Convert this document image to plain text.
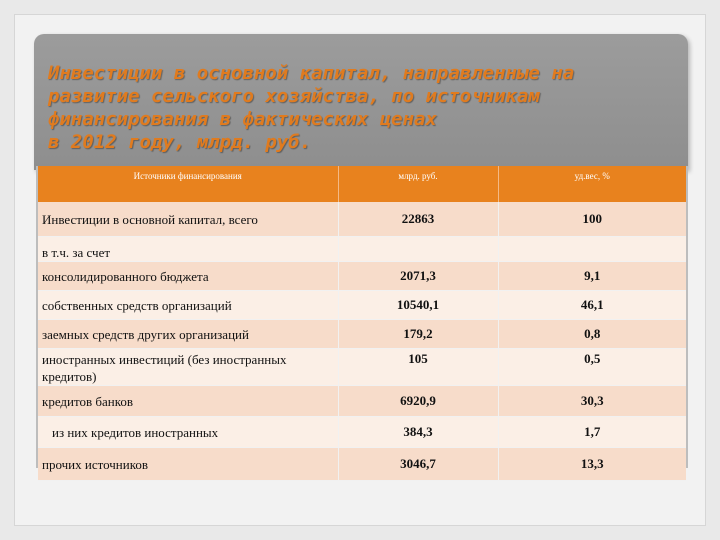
Инвестиции в основной капитал, направленные на
развитие сельского хозяйства, по источникам
финансирования в фактических ценах
в 2012 году, млрд. руб.
Источники финансирования	млрд. руб.	уд.вес, %
Инвестиции в основной капитал, всего	22863	100
в т.ч. за счет		
консолидированного бюджета	2071,3	9,1
собственных средств организаций	10540,1	46,1
заемных средств других организаций	179,2	0,8
иностранных инвестиций (без иностранных кредитов)	105	0,5
кредитов банков	6920,9	30,3
из них кредитов иностранных	384,3	1,7
прочих источников	3046,7	13,3
